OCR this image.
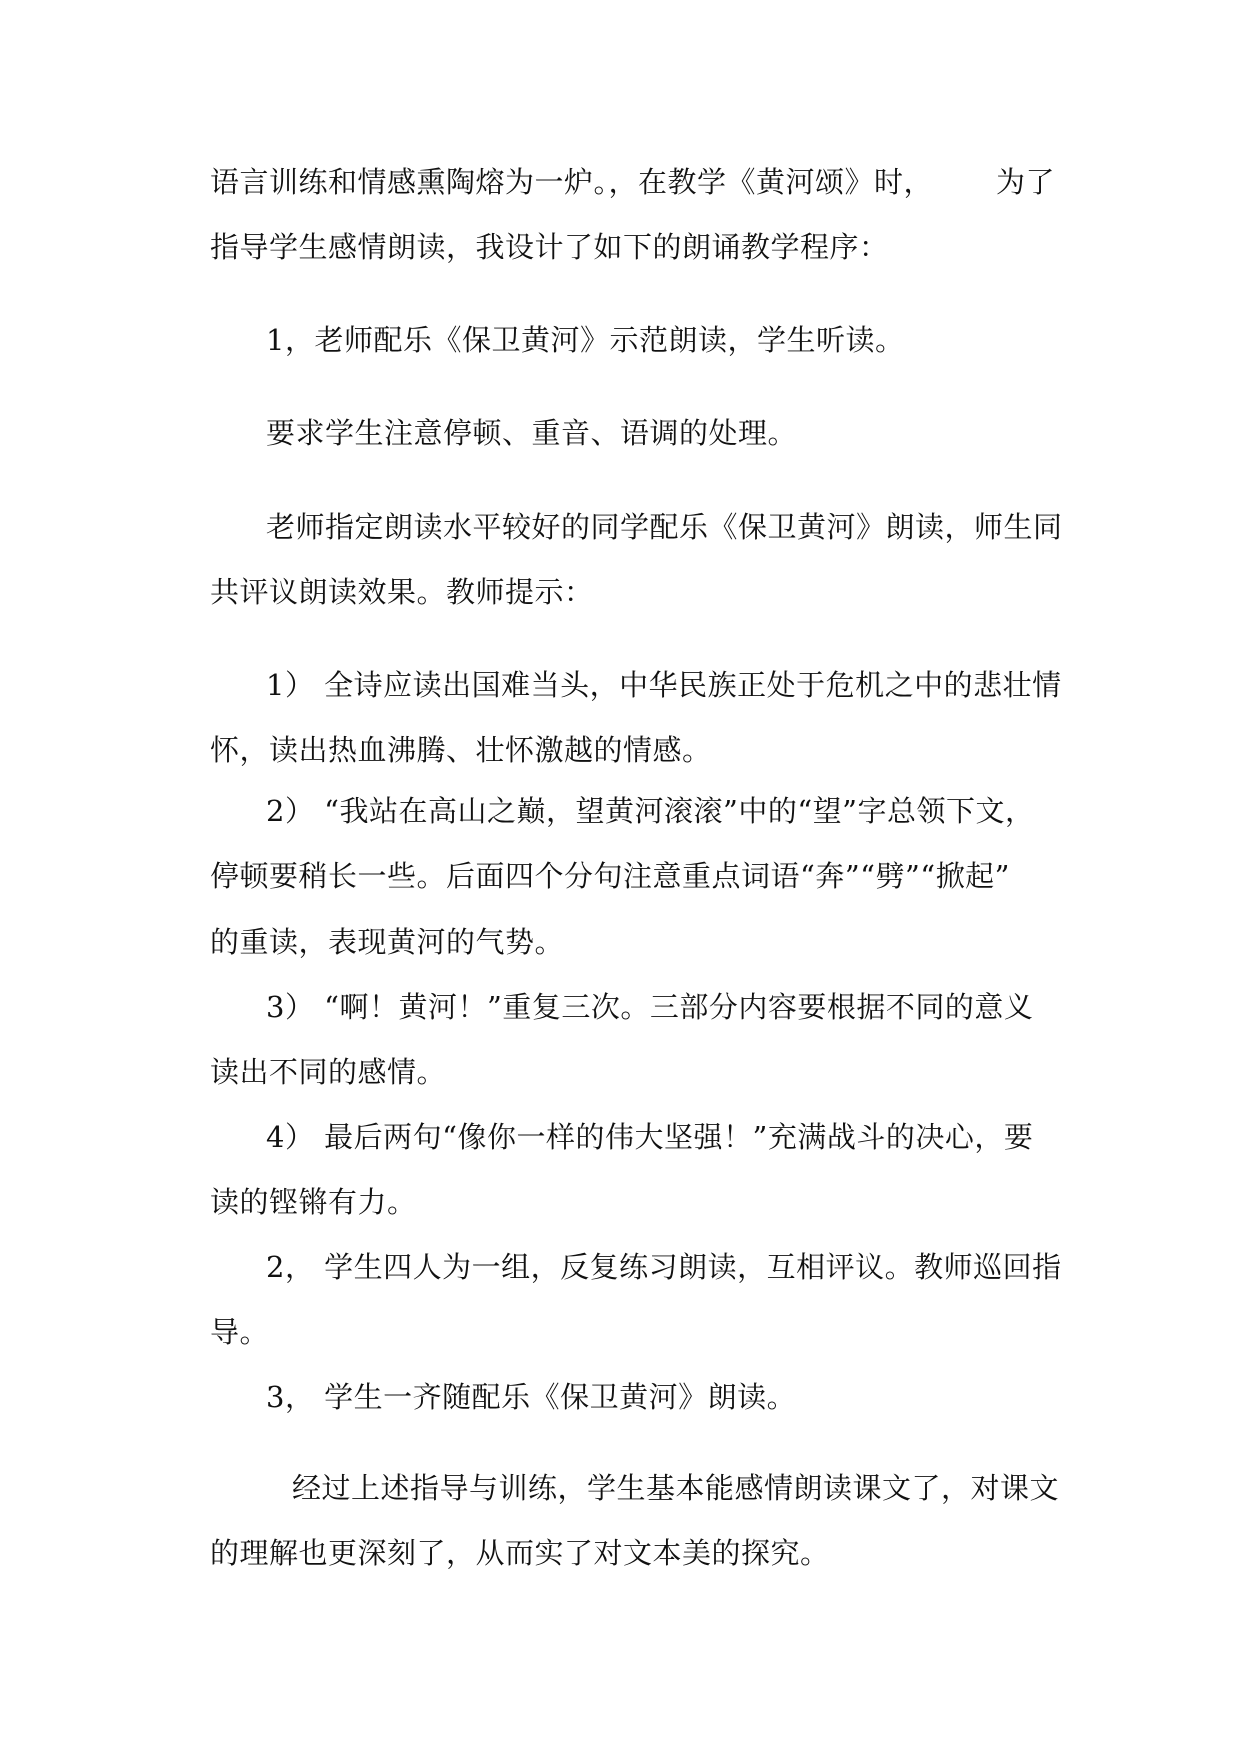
语言训练和情感熏陶熔为一炉。，在教学《黄河颂》时， 为了
指导学生感情朗读，我设计了如下的朗诵教学程序：
1，老师配乐《保卫黄河》示范朗读，学生听读。
要求学生注意停顿、重音、语调的处理。
老师指定朗读水平较好的同学配乐《保卫黄河》朗读，师生同
共评议朗读效果。教师提示：
1） 全诗应读出国难当头，中华民族正处于危机之中的悲壮情
怀，读出热血沸腾、壮怀激越的情感。
2） “我站在高山之巅，望黄河滚滚”中的“望”字总领下文，
停顿要稍长一些。后面四个分句注意重点词语“奔”“劈”“掀起”
的重读，表现黄河的气势。
3） “啊！黄河！”重复三次。三部分内容要根据不同的意义
读出不同的感情。
4） 最后两句“像你一样的伟大坚强！”充满战斗的决心，要
读的铿锵有力。
2， 学生四人为一组，反复练习朗读，互相评议。教师巡回指
导。
3， 学生一齐随配乐《保卫黄河》朗读。
经过上述指导与训练，学生基本能感情朗读课文了，对课文
的理解也更深刻了，从而实了对文本美的探究。
